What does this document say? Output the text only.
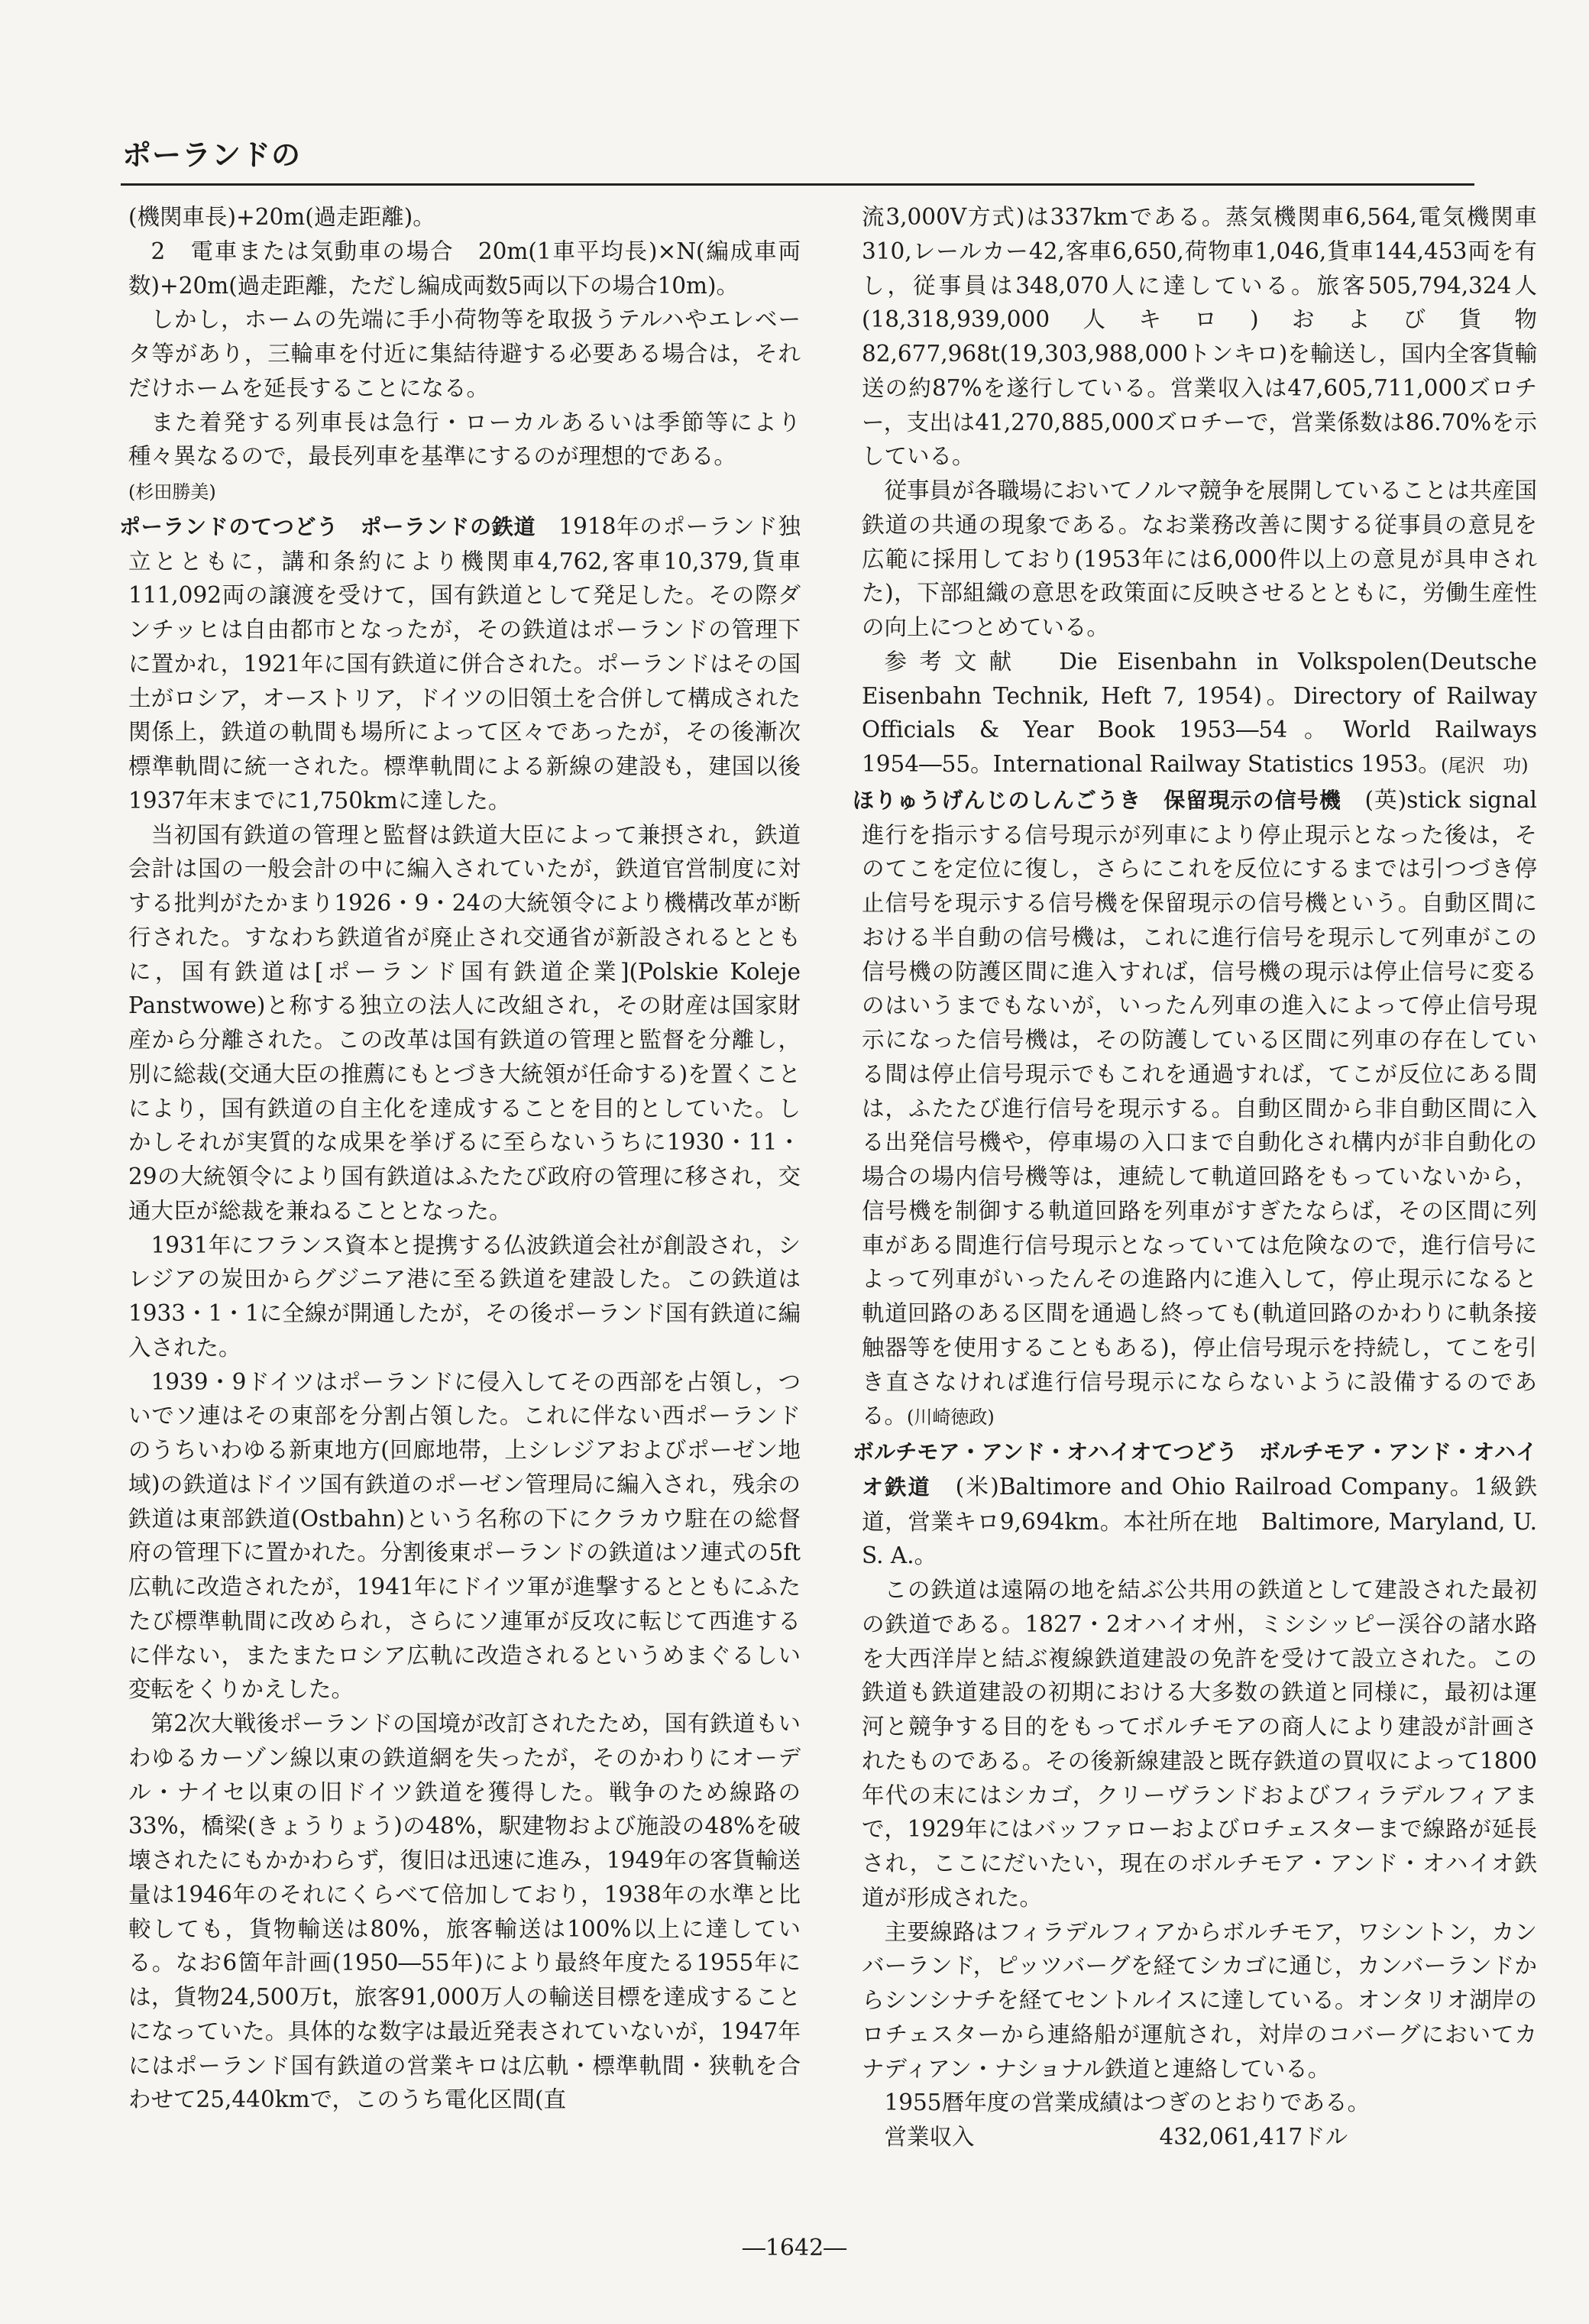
ポーランドの

(機関車長)+20m(過走距離)。

2　電車または気動車の場合　20m(1車平均長)×N(編成車両数)+20m(過走距離，ただし編成両数5両以下の場合10m)。

しかし，ホームの先端に手小荷物等を取扱うテルハやエレベータ等があり，三輪車を付近に集結待避する必要ある場合は，それだけホームを延長することになる。

また着発する列車長は急行・ローカルあるいは季節等により種々異なるので，最長列車を基準にするのが理想的である。
(杉田勝美)

ポーランドのてつどう　ポーランドの鉄道　 1918年のポーランド独立とともに，講和条約により機関車4,762,客車10,379,貨車111,092両の譲渡を受けて，国有鉄道として発足した。その際ダンチッヒは自由都市となったが，その鉄道はポーランドの管理下に置かれ，1921年に国有鉄道に併合された。ポーランドはその国土がロシア，オーストリア，ドイツの旧領土を合併して構成された関係上，鉄道の軌間も場所によって区々であったが，その後漸次標準軌間に統一された。標準軌間による新線の建設も，建国以後1937年末までに1,750kmに達した。

当初国有鉄道の管理と監督は鉄道大臣によって兼摂され，鉄道会計は国の一般会計の中に編入されていたが，鉄道官営制度に対する批判がたかまり1926・9・24の大統領令により機構改革が断行された。すなわち鉄道省が廃止され交通省が新設されるとともに，国有鉄道は[ポーランド国有鉄道企業](Polskie Koleje Panstwowe)と称する独立の法人に改組され，その財産は国家財産から分離された。この改革は国有鉄道の管理と監督を分離し，別に総裁(交通大臣の推薦にもとづき大統領が任命する)を置くことにより，国有鉄道の自主化を達成することを目的としていた。しかしそれが実質的な成果を挙げるに至らないうちに1930・11・29の大統領令により国有鉄道はふたたび政府の管理に移され，交通大臣が総裁を兼ねることとなった。

1931年にフランス資本と提携する仏波鉄道会社が創設され，シレジアの炭田からグジニア港に至る鉄道を建設した。この鉄道は1933・1・1に全線が開通したが，その後ポーランド国有鉄道に編入された。

1939・9ドイツはポーランドに侵入してその西部を占領し，ついでソ連はその東部を分割占領した。これに伴ない西ポーランドのうちいわゆる新東地方(回廊地帯，上シレジアおよびポーゼン地域)の鉄道はドイツ国有鉄道のポーゼン管理局に編入され，残余の鉄道は東部鉄道(Ostbahn)という名称の下にクラカウ駐在の総督府の管理下に置かれた。分割後東ポーランドの鉄道はソ連式の5ft広軌に改造されたが，1941年にドイツ軍が進撃するとともにふたたび標準軌間に改められ，さらにソ連軍が反攻に転じて西進するに伴ない，またまたロシア広軌に改造されるというめまぐるしい変転をくりかえした。

第2次大戦後ポーランドの国境が改訂されたため，国有鉄道もいわゆるカーゾン線以東の鉄道網を失ったが，そのかわりにオーデル・ナイセ以東の旧ドイツ鉄道を獲得した。戦争のため線路の33%，橋梁(きょうりょう)の48%，駅建物および施設の48%を破壊されたにもかかわらず，復旧は迅速に進み，1949年の客貨輸送量は1946年のそれにくらべて倍加しており，1938年の水準と比較しても，貨物輸送は80%，旅客輸送は100%以上に達している。なお6箇年計画(1950―55年)により最終年度たる1955年には，貨物24,500万t，旅客91,000万人の輸送目標を達成することになっていた。具体的な数字は最近発表されていないが，1947年にはポーランド国有鉄道の営業キロは広軌・標準軌間・狭軌を合わせて25,440kmで，このうち電化区間(直

流3,000V方式)は337kmである。蒸気機関車6,564,電気機関車310,レールカー42,客車6,650,荷物車1,046,貨車144,453両を有し，従事員は348,070人に達している。旅客505,794,324人(18,318,939,000人キロ)および貨物82,677,968t(19,303,988,000トンキロ)を輸送し，国内全客貨輸送の約87%を遂行している。営業収入は47,605,711,000ズロチー，支出は41,270,885,000ズロチーで，営業係数は86.70%を示している。

従事員が各職場においてノルマ競争を展開していることは共産国鉄道の共通の現象である。なお業務改善に関する従事員の意見を広範に採用しており(1953年には6,000件以上の意見が具申された)，下部組織の意思を政策面に反映させるとともに，労働生産性の向上につとめている。

参考文献　Die Eisenbahn in Volkspolen(Deutsche Eisenbahn Technik, Heft 7, 1954)。Directory of Railway Officials & Year Book 1953―54。World Railways 1954―55。International Railway Statistics 1953。(尾沢　功)

ほりゅうげんじのしんごうき　保留現示の信号機　 (英)stick signal　進行を指示する信号現示が列車により停止現示となった後は，そのてこを定位に復し，さらにこれを反位にするまでは引つづき停止信号を現示する信号機を保留現示の信号機という。自動区間における半自動の信号機は，これに進行信号を現示して列車がこの信号機の防護区間に進入すれば，信号機の現示は停止信号に変るのはいうまでもないが，いったん列車の進入によって停止信号現示になった信号機は，その防護している区間に列車の存在している間は停止信号現示でもこれを通過すれば，てこが反位にある間は，ふたたび進行信号を現示する。自動区間から非自動区間に入る出発信号機や，停車場の入口まで自動化され構内が非自動化の場合の場内信号機等は，連続して軌道回路をもっていないから，信号機を制御する軌道回路を列車がすぎたならば，その区間に列車がある間進行信号現示となっていては危険なので，進行信号によって列車がいったんその進路内に進入して，停止現示になると軌道回路のある区間を通過し終っても(軌道回路のかわりに軌条接触器等を使用することもある)，停止信号現示を持続し，てこを引き直さなければ進行信号現示にならないように設備するのである。(川崎徳政)

ボルチモア・アンド・オハイオてつどう　ボルチモア・アンド・オハイオ鉄道　 (米)Baltimore and Ohio Railroad Company。1級鉄道，営業キロ9,694km。本社所在地　Baltimore, Maryland, U. S. A.。

この鉄道は遠隔の地を結ぶ公共用の鉄道として建設された最初の鉄道である。1827・2オハイオ州，ミシシッピー渓谷の諸水路を大西洋岸と結ぶ複線鉄道建設の免許を受けて設立された。この鉄道も鉄道建設の初期における大多数の鉄道と同様に，最初は運河と競争する目的をもってボルチモアの商人により建設が計画されたものである。その後新線建設と既存鉄道の買収によって1800年代の末にはシカゴ，クリーヴランドおよびフィラデルフィアまで，1929年にはバッファローおよびロチェスターまで線路が延長され，ここにだいたい，現在のボルチモア・アンド・オハイオ鉄道が形成された。

主要線路はフィラデルフィアからボルチモア，ワシントン，カンバーランド，ピッツバーグを経てシカゴに通じ，カンバーランドからシンシナチを経てセントルイスに達している。オンタリオ湖岸のロチェスターから連絡船が運航され，対岸のコバーグにおいてカナディアン・ナショナル鉄道と連絡している。

1955暦年度の営業成績はつぎのとおりである。

営業収入	432,061,417ドル
―1642―
